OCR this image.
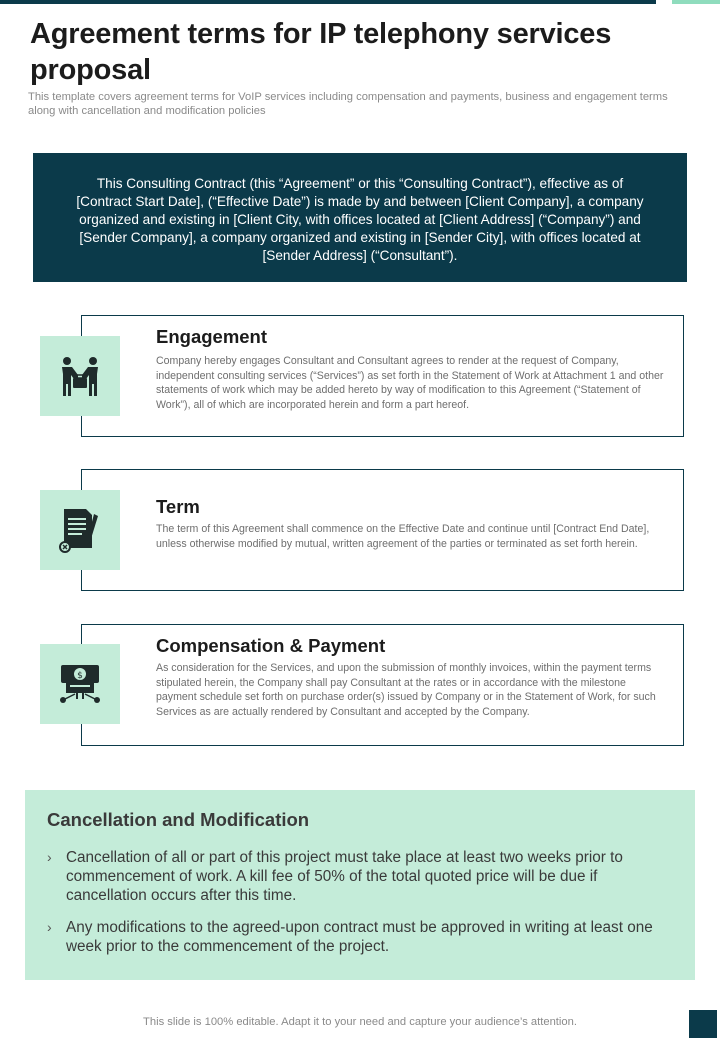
Agreement terms for IP telephony services proposal

This template covers agreement terms for VoIP services including compensation and payments, business and engagement terms along with cancellation and modification policies

This Consulting Contract (this “Agreement” or this “Consulting Contract”), effective as of [Contract Start Date], (“Effective Date”) is made by and between [Client Company], a company organized and existing in [Client City, with offices located at [Client Address] (“Company”) and [Sender Company], a company organized and existing in [Sender City], with offices located at [Sender Address] (“Consultant”).

Engagement
Company hereby engages Consultant and Consultant agrees to render at the request of Company, independent consulting services (“Services”) as set forth in the Statement of Work at Attachment 1 and other statements of work which may be added hereto by way of modification to this Agreement (“Statement of Work”), all of which are incorporated herein and form a part hereof.
Term
The term of this Agreement shall commence on the Effective Date and continue until [Contract End Date], unless otherwise modified by mutual, written agreement of the parties or terminated as set forth herein.
$
Compensation & Payment
As consideration for the Services, and upon the submission of monthly invoices, within the payment terms stipulated herein, the Company shall pay Consultant at the rates or in accordance with the milestone payment schedule set forth on purchase order(s) issued by Company or in the Statement of Work, for such Services as are actually rendered by Consultant and accepted by the Company.
Cancellation and Modification
› Cancellation of all or part of this project must take place at least two weeks prior to commencement of work. A kill fee of 50% of the total quoted price will be due if cancellation occurs after this time.
› Any modifications to the agreed-upon contract must be approved in writing at least one week prior to the commencement of the project.
This slide is 100% editable. Adapt it to your need and capture your audience’s attention.
